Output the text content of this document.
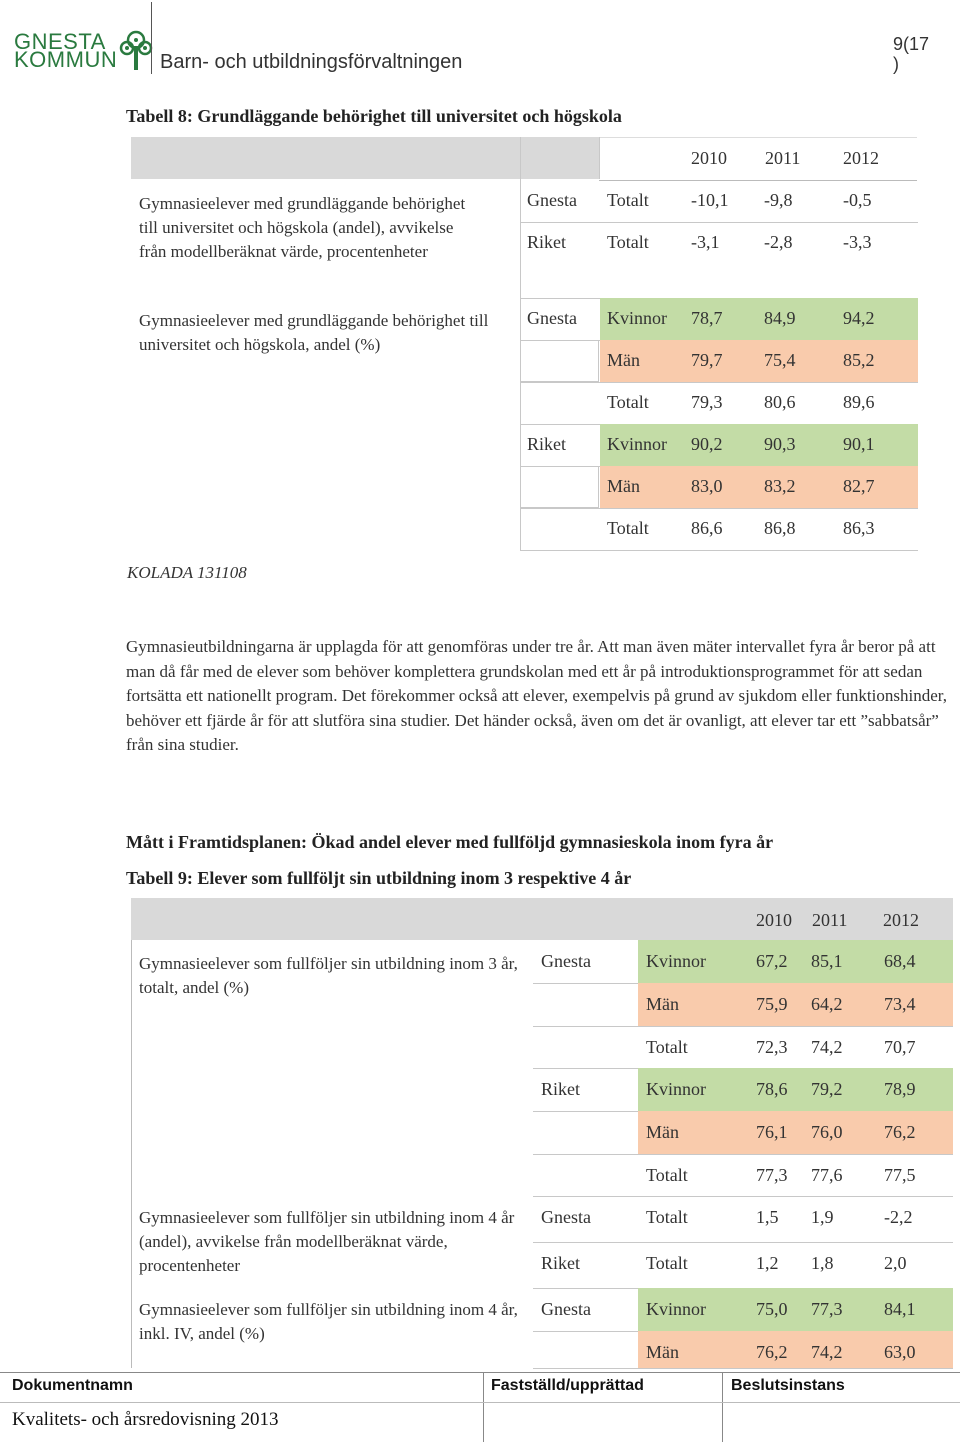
GNESTA
KOMMUN Barn- och utbildningsförvaltningen
9(17
)
Tabell 8: Grundläggande behörighet till universitet och högskola
2010 2011 2012
Gymnasieelever med grundläggande behörighet till universitet och högskola (andel), avvikelse från modellberäknat värde, procentenheter
Gymnasieelever med grundläggande behörighet till universitet och högskola, andel (%)
KOLADA 131108
Gnesta Totalt -10,1 -9,8	-0,5
Riket Totalt -3,1 -2,8	-3,3
Gnesta Kvinnor 78,7 84,9	94,2
Män	79,7 75,4	85,2
Totalt 79,3 80,6	89,6
Riket Kvinnor 90,2 90,3	90,1
Män	83,0 83,2	82,7
Totalt 86,6 86,8	86,3
Gymnasieutbildningarna är upplagda för att genomföras under tre år. Att man även mäter intervallet fyra år beror på att man då får med de elever som behöver komplettera grundskolan med ett år på introduktionsprogrammet för att sedan fortsätta ett nationellt program. Det förekommer också att elever, exempelvis på grund av sjukdom eller funktionshinder, behöver ett fjärde år för att slutföra sina studier. Det händer också, även om det är ovanligt, att elever tar ett ”sabbatsår” från sina studier.
Mått i Framtidsplanen: Ökad andel elever med fullföljd gymnasieskola inom fyra år
Tabell 9: Elever som fullföljt sin utbildning inom 3 respektive 4 år
2010 2011 2012
Gymnasieelever som fullföljer sin utbildning inom 3 år, totalt, andel (%)
Gymnasieelever som fullföljer sin utbildning inom 4 år (andel), avvikelse från modellberäknat värde, procentenheter
Gymnasieelever som fullföljer sin utbildning inom 4 år, inkl. IV, andel (%)
Gnesta	Kvinnor	67,2 85,1 68,4
Män	75,9 64,2 73,4
Totalt	72,3 74,2 70,7
Riket	Kvinnor	78,6 79,2 78,9
Män	76,1 76,0 76,2
Totalt	77,3 77,6 77,5
Gnesta	Totalt	1,5 1,9	-2,2
Riket	Totalt	1,2 1,8	2,0
Gnesta	Kvinnor	75,0 77,3 84,1
Män	76,2 74,2 63,0
Dokumentnamn	Fastställd/upprättad	Beslutsinstans
Kvalitets- och årsredovisning 2013
